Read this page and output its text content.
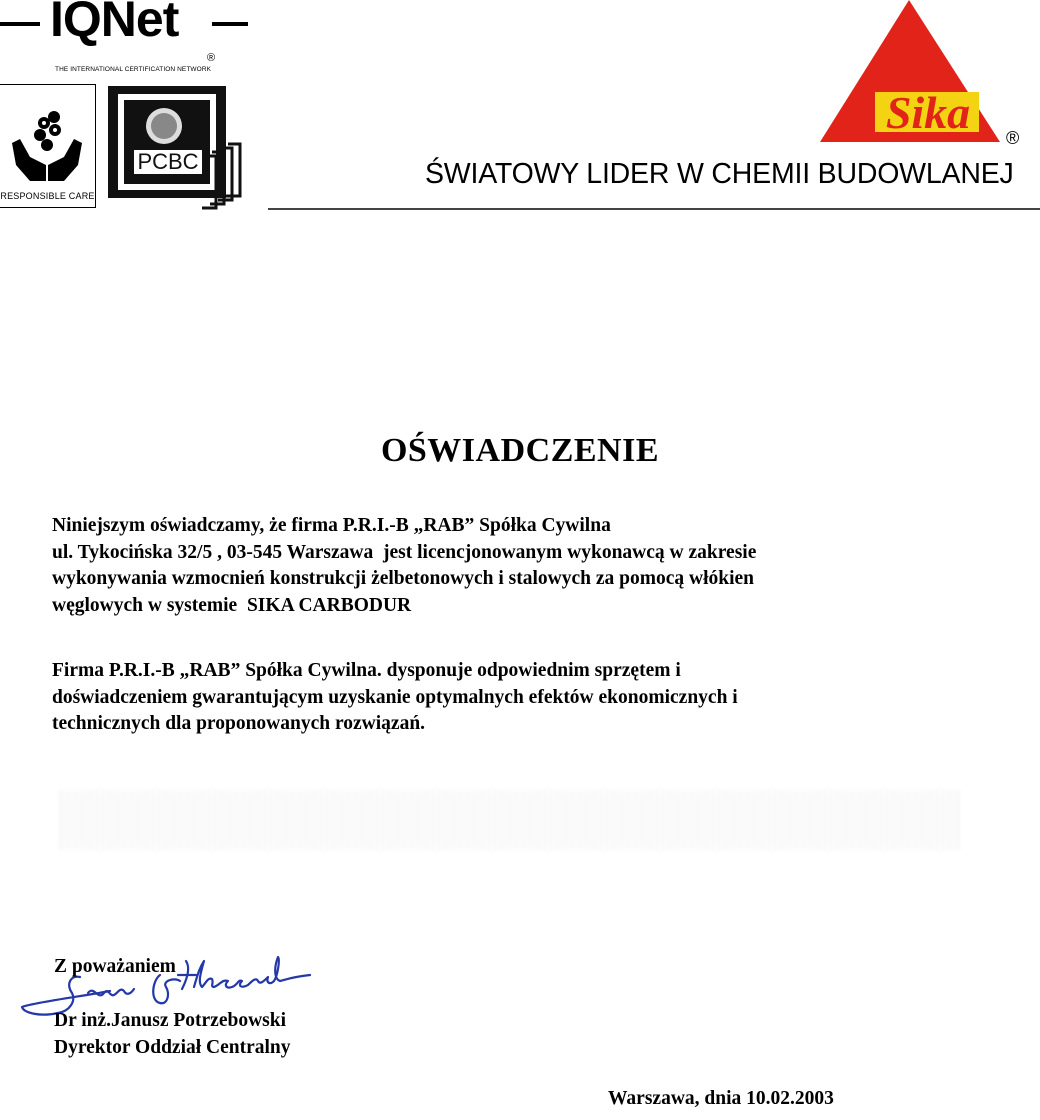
IQNet
®
THE INTERNATIONAL CERTIFICATION NETWORK
RESPONSIBLE CARE
PCBC
ISO 9001
Sika ®
ŚWIATOWY LIDER W CHEMII BUDOWLANEJ
OŚWIADCZENIE
Niniejszym oświadczamy, że firma P.R.I.-B „RAB” Spółka Cywilna
ul. Tykocińska 32/5 , 03-545 Warszawa  jest licencjonowanym wykonawcą w zakresie
wykonywania wzmocnień konstrukcji żelbetonowych i stalowych za pomocą włókien
węglowych w systemie  SIKA CARBODUR
Firma P.R.I.-B „RAB” Spółka Cywilna. dysponuje odpowiednim sprzętem i
doświadczeniem gwarantującym uzyskanie optymalnych efektów ekonomicznych i
technicznych dla proponowanych rozwiązań.
Z poważaniem
Dr inż.Janusz Potrzebowski
Dyrektor Oddział Centralny
Warszawa, dnia 10.02.2003
